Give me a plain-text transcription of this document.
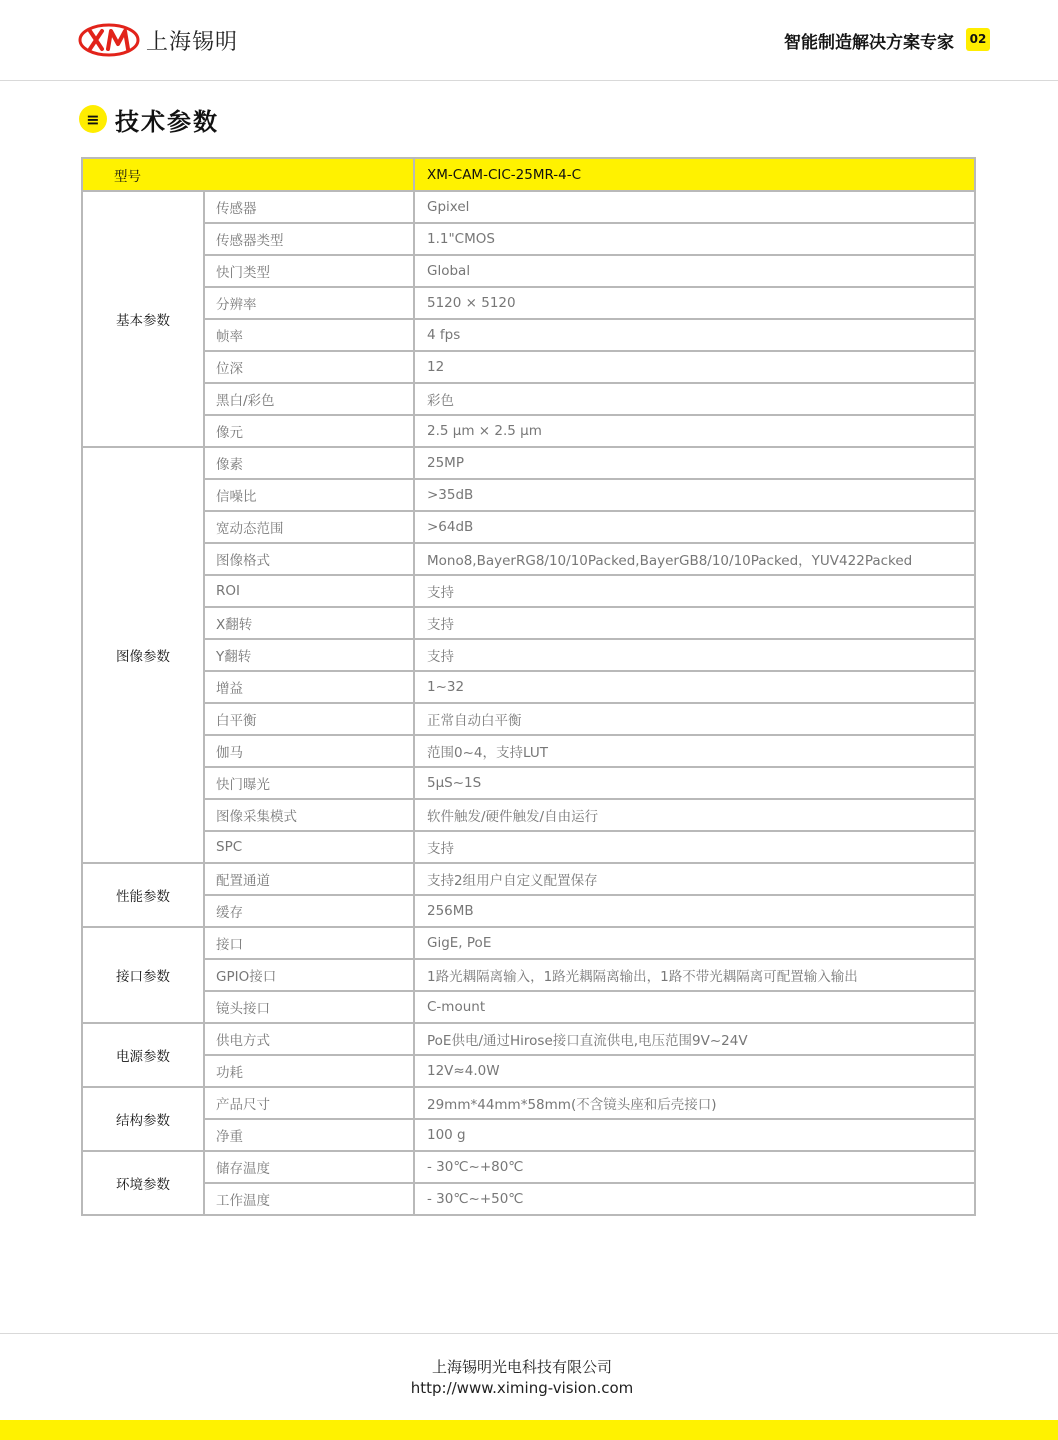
上海锡明	智能制造解决方案专家	02
≡ 技术参数
型号		XM-CAM-CIC-25MR-4-C
基本参数	传感器	Gpixel
	传感器类型	1.1"CMOS
	快门类型	Global
	分辨率	5120 × 5120
	帧率	4 fps
	位深	12
	黑白/彩色	彩色
	像元	2.5 μm × 2.5 μm
图像参数	像素	25MP
	信噪比	>35dB
	宽动态范围	>64dB
	图像格式	Mono8,BayerRG8/10/10Packed,BayerGB8/10/10Packed，YUV422Packed
	ROI	支持
	X翻转	支持
	Y翻转	支持
	增益	1~32
	白平衡	正常自动白平衡
	伽马	范围0~4，支持LUT
	快门曝光	5μS~1S
	图像采集模式	软件触发/硬件触发/自由运行
	SPC	支持
性能参数	配置通道	支持2组用户自定义配置保存
	缓存	256MB
接口参数	接口	GigE, PoE
	GPIO接口	1路光耦隔离输入，1路光耦隔离输出，1路不带光耦隔离可配置输入输出
	镜头接口	C-mount
电源参数	供电方式	PoE供电/通过Hirose接口直流供电,电压范围9V~24V
	功耗	12V≈4.0W
结构参数	产品尺寸	29mm*44mm*58mm(不含镜头座和后壳接口)
	净重	100 g
环境参数	储存温度	- 30℃~+80℃
	工作温度	- 30℃~+50℃
上海锡明光电科技有限公司
http://www.ximing-vision.com
